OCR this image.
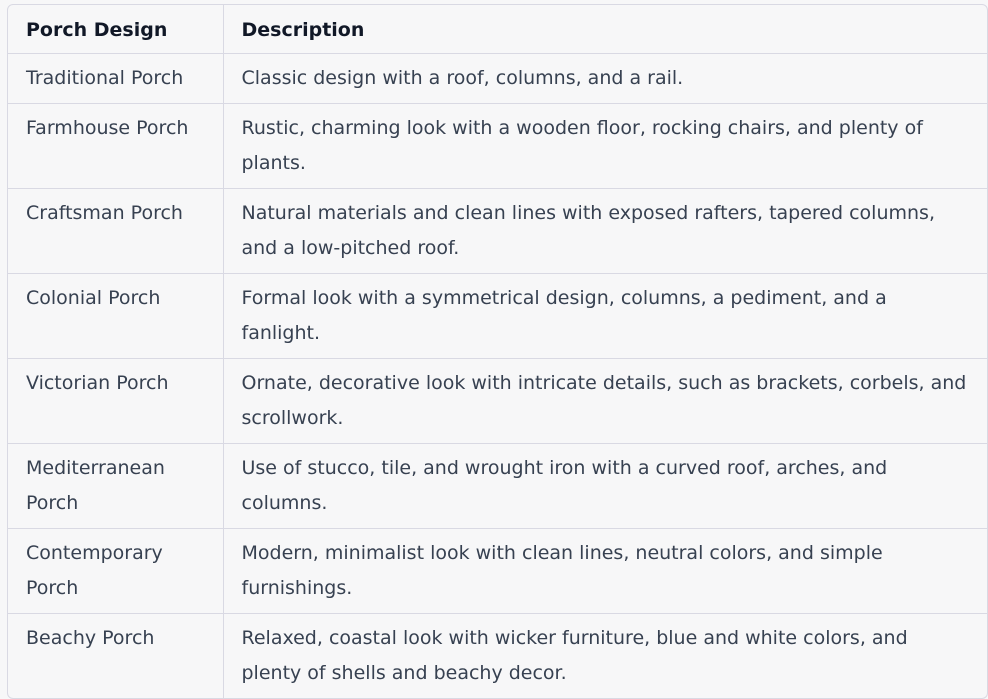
Porch Design	Description
Traditional Porch	Classic design with a roof, columns, and a rail.
Farmhouse Porch	Rustic, charming look with a wooden floor, rocking chairs, and plenty of plants.
Craftsman Porch	Natural materials and clean lines with exposed rafters, tapered columns, and a low-pitched roof.
Colonial Porch	Formal look with a symmetrical design, columns, a pediment, and a fanlight.
Victorian Porch	Ornate, decorative look with intricate details, such as brackets, corbels, and scrollwork.
Mediterranean Porch	Use of stucco, tile, and wrought iron with a curved roof, arches, and columns.
Contemporary Porch	Modern, minimalist look with clean lines, neutral colors, and simple furnishings.
Beachy Porch	Relaxed, coastal look with wicker furniture, blue and white colors, and plenty of shells and beachy decor.
